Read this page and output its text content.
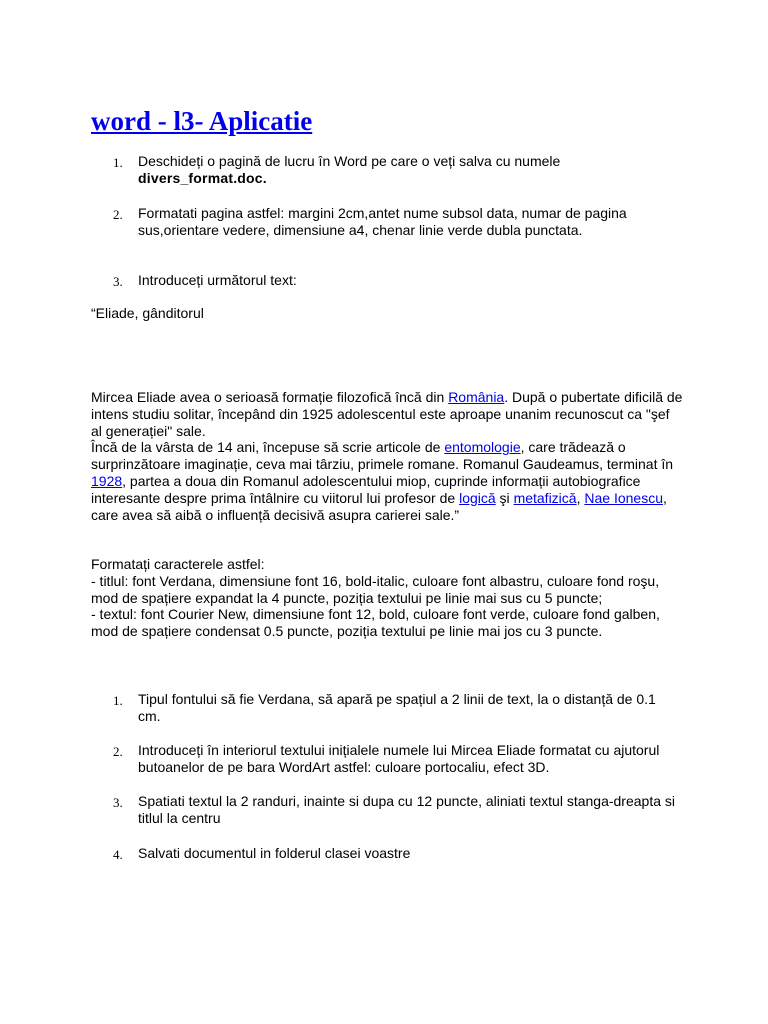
word - l3- Aplicatie
1. Deschideți o pagină de lucru în Word pe care o veți salva cu numele
divers_format.doc.
2. Formatati pagina astfel: margini 2cm,antet nume subsol data, numar de pagina sus,orientare vedere, dimensiune a4, chenar linie verde dubla punctata.
3. Introduceți următorul text:
“Eliade, gânditorul
Mircea Eliade avea o serioasă formație filozofică încă din România. După o pubertate dificilă de intens studiu solitar, începând din 1925 adolescentul este aproape unanim recunoscut ca "şef al generației" sale.
Încă de la vârsta de 14 ani, începuse să scrie articole de entomologie, care trădează o surprinzătoare imaginație, ceva mai târziu, primele romane. Romanul Gaudeamus, terminat în 1928, partea a doua din Romanul adolescentului miop, cuprinde informații autobiografice interesante despre prima întâlnire cu viitorul lui profesor de logică şi metafizică, Nae Ionescu, care avea să aibă o influență decisivă asupra carierei sale.”
Formatați caracterele astfel:
- titlul: font Verdana, dimensiune font 16, bold-italic, culoare font albastru, culoare fond roşu, mod de spațiere expandat la 4 puncte, poziția textului pe linie mai sus cu 5 puncte;
- textul: font Courier New, dimensiune font 12, bold, culoare font verde, culoare fond galben, mod de spațiere condensat 0.5 puncte, poziția textului pe linie mai jos cu 3 puncte.
1. Tipul fontului să fie Verdana, să apară pe spațiul a 2 linii de text, la o distanță de 0.1 cm.
2. Introduceți în interiorul textului inițialele numele lui Mircea Eliade formatat cu ajutorul butoanelor de pe bara WordArt astfel: culoare portocaliu, efect 3D.
3. Spatiati textul la 2 randuri, inainte si dupa cu 12 puncte, aliniati textul stanga-dreapta si titlul la centru
4. Salvati documentul in folderul clasei voastre
